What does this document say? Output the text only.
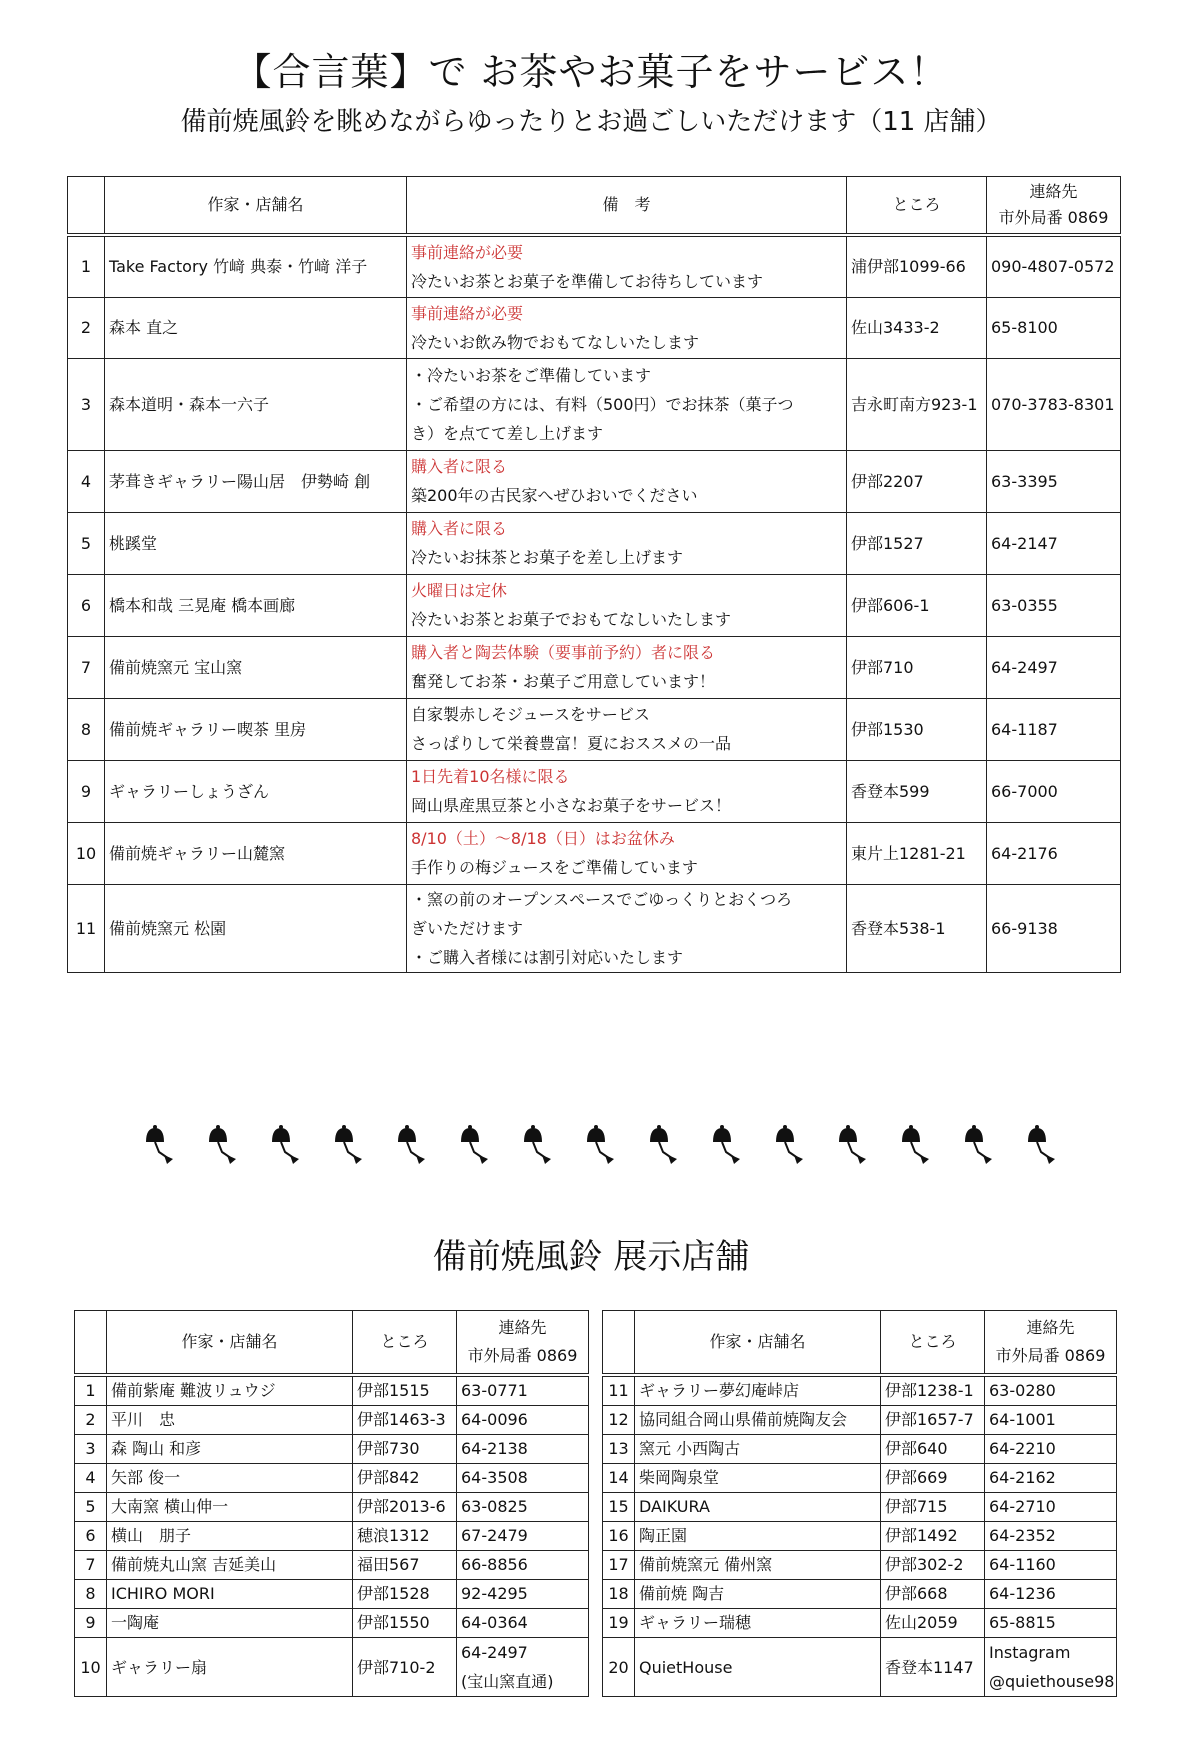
【合言葉】で お茶やお菓子をサービス！
備前焼風鈴を眺めながらゆったりとお過ごしいただけます（11 店舗）
	作家・店舗名	備　考	ところ	連絡先
市外局番 0869

1	Take Factory 竹﨑 典泰・竹﨑 洋子	事前連絡が必要
冷たいお茶とお菓子を準備してお待ちしています	浦伊部1099-66	090-4807-0572
2	森本 直之	事前連絡が必要
冷たいお飲み物でおもてなしいたします	佐山3433-2	65-8100
3	森本道明・森本一六子	・冷たいお茶をご準備しています
・ご希望の方には、有料（500円）でお抹茶（菓子つ
き）を点てて差し上げます	吉永町南方923-1	070-3783-8301
4	茅葺きギャラリー陽山居　伊勢崎 創	購入者に限る
築200年の古民家へぜひおいでください	伊部2207	63-3395
5	桃蹊堂	購入者に限る
冷たいお抹茶とお菓子を差し上げます	伊部1527	64-2147
6	橋本和哉 三晃庵 橋本画廊	火曜日は定休
冷たいお茶とお菓子でおもてなしいたします	伊部606-1	63-0355
7	備前焼窯元 宝山窯	購入者と陶芸体験（要事前予約）者に限る
奮発してお茶・お菓子ご用意しています！	伊部710	64-2497
8	備前焼ギャラリー喫茶 里房	自家製赤しそジュースをサービス
さっぱりして栄養豊富！夏におススメの一品	伊部1530	64-1187
9	ギャラリーしょうざん	1日先着10名様に限る
岡山県産黒豆茶と小さなお菓子をサービス！	香登本599	66-7000
10	備前焼ギャラリー山麓窯	8/10（土）～8/18（日）はお盆休み
手作りの梅ジュースをご準備しています	東片上1281-21	64-2176
11	備前焼窯元 松園	・窯の前のオープンスペースでごゆっくりとおくつろ
ぎいただけます
・ご購入者様には割引対応いたします	香登本538-1	66-9138
備前焼風鈴 展示店舗
	作家・店舗名	ところ	連絡先
市外局番 0869

1	備前紫庵 難波リュウジ	伊部1515	63-0771

2	平川　忠	伊部1463-3	64-0096

3	森 陶山 和彦	伊部730	64-2138

4	矢部 俊一	伊部842	64-3508

5	大南窯 横山伸一	伊部2013-6	63-0825

6	横山　朋子	穂浪1312	67-2479

7	備前焼丸山窯 吉延美山	福田567	66-8856

8	ICHIRO MORI	伊部1528	92-4295

9	一陶庵	伊部1550	64-0364

10	ギャラリー扇	伊部710-2	64-2497
(宝山窯直通)
	作家・店舗名	ところ	連絡先
市外局番 0869

11	ギャラリー夢幻庵峠店	伊部1238-1	63-0280

12	協同組合岡山県備前焼陶友会	伊部1657-7	64-1001

13	窯元 小西陶古	伊部640	64-2210

14	柴岡陶泉堂	伊部669	64-2162

15	DAIKURA	伊部715	64-2710

16	陶正園	伊部1492	64-2352

17	備前焼窯元 備州窯	伊部302-2	64-1160

18	備前焼 陶吉	伊部668	64-1236

19	ギャラリー瑞穂	佐山2059	65-8815

20	QuietHouse	香登本1147	Instagram
@quiethouse98
